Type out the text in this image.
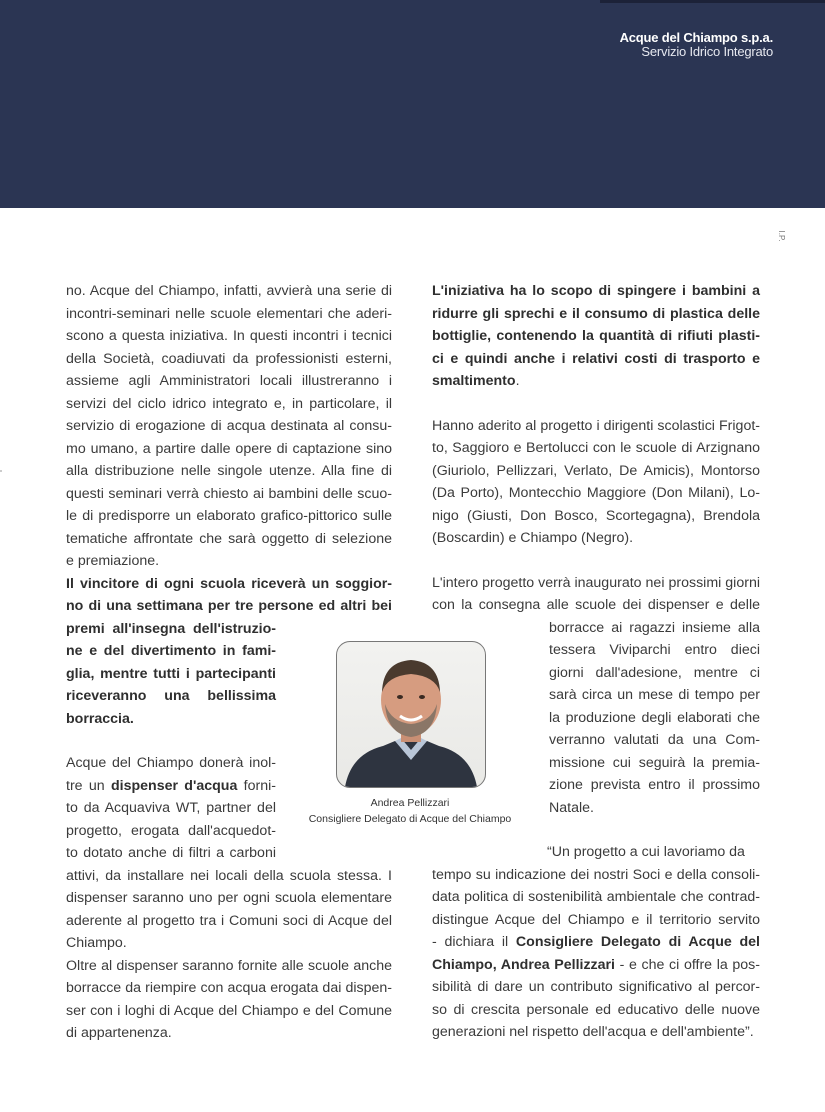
Acque del Chiampo s.p.a.
Servizio Idrico Integrato
I.P.

no. Acque del Chiampo, infatti, avvierà una serie di

incontri-seminari nelle scuole elementari che aderi-

scono a questa iniziativa. In questi incontri i tecnici

della Società, coadiuvati da professionisti esterni,

assieme agli Amministratori locali illustreranno i

servizi del ciclo idrico integrato e, in particolare, il

servizio di erogazione di acqua destinata al consu-

mo umano, a partire dalle opere di captazione sino

alla distribuzione nelle singole utenze. Alla fine di

questi seminari verrà chiesto ai bambini delle scuo-

le di predisporre un elaborato grafico-pittorico sulle

tematiche affrontate che sarà oggetto di selezione

e premiazione.

Il vincitore di ogni scuola riceverà un soggior-

no di una settimana per tre persone ed altri bei

premi all'insegna dell'istruzio-

ne e del divertimento in fami-

glia, mentre tutti i partecipanti

riceveranno una bellissima

borraccia.

Acque del Chiampo donerà inol-

tre un dispenser d'acqua forni-

to da Acquaviva WT, partner del

progetto, erogata dall'acquedot-

to dotato anche di filtri a carboni

attivi, da installare nei locali della scuola stessa. I

dispenser saranno uno per ogni scuola elementare

aderente al progetto tra i Comuni soci di Acque del

Chiampo.

Oltre al dispenser saranno fornite alle scuole anche

borracce da riempire con acqua erogata dai dispen-

ser con i loghi di Acque del Chiampo e del Comune

di appartenenza.

L'iniziativa ha lo scopo di spingere i bambini a

ridurre gli sprechi e il consumo di plastica delle

bottiglie, contenendo la quantità di rifiuti plasti-

ci e quindi anche i relativi costi di trasporto e

smaltimento.

Hanno aderito al progetto i dirigenti scolastici Frigot-

to, Saggioro e Bertolucci con le scuole di Arzignano

(Giuriolo, Pellizzari, Verlato, De Amicis), Montorso

(Da Porto), Montecchio Maggiore (Don Milani), Lo-

nigo (Giusti, Don Bosco, Scortegagna), Brendola

(Boscardin) e Chiampo (Negro).

L'intero progetto verrà inaugurato nei prossimi giorni

con la consegna alle scuole dei dispenser e delle

borracce ai ragazzi insieme alla

tessera Viviparchi entro dieci

giorni dall'adesione, mentre ci

sarà circa un mese di tempo per

la produzione degli elaborati che

verranno valutati da una Com-

missione cui seguirà la premia-

zione prevista entro il prossimo

Natale.

“Un progetto a cui lavoriamo da

tempo su indicazione dei nostri Soci e della consoli-

data politica di sostenibilità ambientale che contrad-

distingue Acque del Chiampo e il territorio servito

- dichiara il Consigliere Delegato di Acque del

Chiampo, Andrea Pellizzari - e che ci offre la pos-

sibilità di dare un contributo significativo al percor-

so di crescita personale ed educativo delle nuove

generazioni nel rispetto dell'acqua e dell'ambiente”.

Andrea Pellizzari
Consigliere Delegato di Acque del Chiampo
